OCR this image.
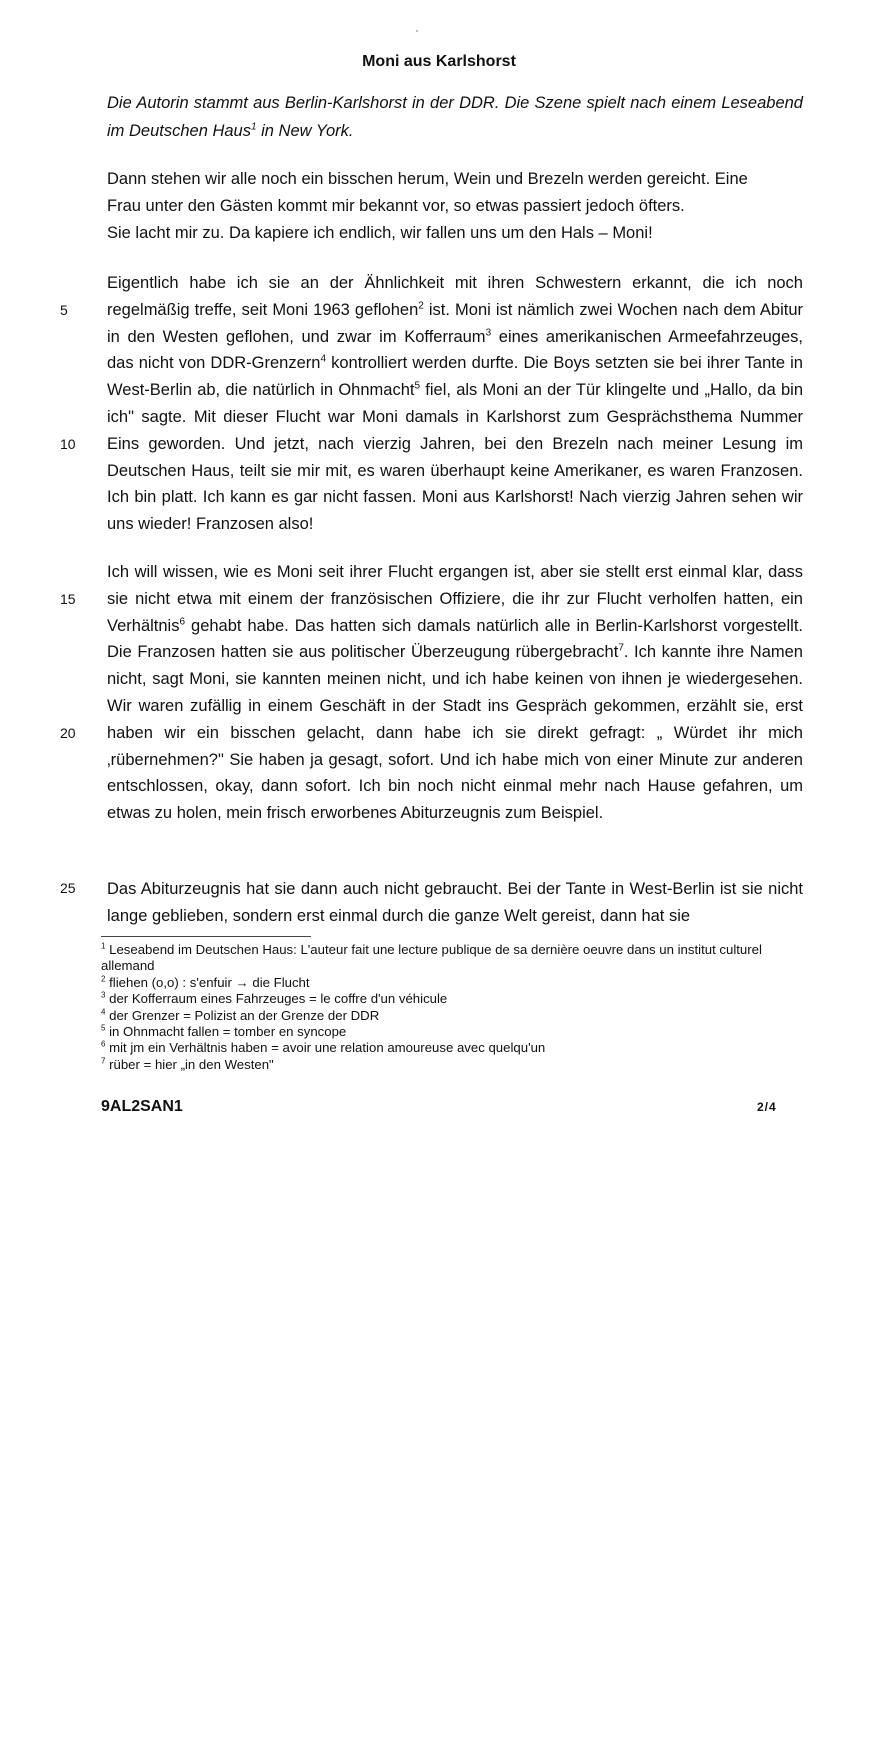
Moni aus Karlshorst
Die Autorin stammt aus Berlin-Karlshorst in der DDR. Die Szene spielt nach einem Leseabend im Deutschen Haus$^1$ in New York.

Dann stehen wir alle noch ein bisschen herum, Wein und Brezeln werden gereicht. Eine

Frau unter den Gästen kommt mir bekannt vor, so etwas passiert jedoch öfters.

Sie lacht mir zu. Da kapiere ich endlich, wir fallen uns um den Hals – Moni!

Eigentlich habe ich sie an der Ähnlichkeit mit ihren Schwestern erkannt, die ich noch regelmäßig treffe, seit Moni 1963 geflohen$^2$ ist. Moni ist nämlich zwei Wochen nach dem Abitur in den Westen geflohen, und zwar im Kofferraum$^3$ eines amerikanischen Armeefahrzeuges, das nicht von DDR-Grenzern$^4$ kontrolliert werden durfte. Die Boys setzten sie bei ihrer Tante in West-Berlin ab, die natürlich in Ohnmacht$^5$ fiel, als Moni an der Tür klingelte und „Hallo, da bin ich" sagte. Mit dieser Flucht war Moni damals in Karlshorst zum Gesprächsthema Nummer Eins geworden. Und jetzt, nach vierzig Jahren, bei den Brezeln nach meiner Lesung im Deutschen Haus, teilt sie mir mit, es waren überhaupt keine Amerikaner, es waren Franzosen. Ich bin platt. Ich kann es gar nicht fassen. Moni aus Karlshorst! Nach vierzig Jahren sehen wir uns wieder! Franzosen also!
Ich will wissen, wie es Moni seit ihrer Flucht ergangen ist, aber sie stellt erst einmal klar, dass sie nicht etwa mit einem der französischen Offiziere, die ihr zur Flucht verholfen hatten, ein Verhältnis$^6$ gehabt habe. Das hatten sich damals natürlich alle in Berlin-Karlshorst vorgestellt. Die Franzosen hatten sie aus politischer Überzeugung rübergebracht$^7$. Ich kannte ihre Namen nicht, sagt Moni, sie kannten meinen nicht, und ich habe keinen von ihnen je wiedergesehen. Wir waren zufällig in einem Geschäft in der Stadt ins Gespräch gekommen, erzählt sie, erst haben wir ein bisschen gelacht, dann habe ich sie direkt gefragt: „ Würdet ihr mich ‚rübernehmen?" Sie haben ja gesagt, sofort. Und ich habe mich von einer Minute zur anderen entschlossen, okay, dann sofort. Ich bin noch nicht einmal mehr nach Hause gefahren, um etwas zu holen, mein frisch erworbenes Abiturzeugnis zum Beispiel.
Das Abiturzeugnis hat sie dann auch nicht gebraucht. Bei der Tante in West-Berlin ist sie nicht lange geblieben, sondern erst einmal durch die ganze Welt gereist, dann hat sie
5
10
15
20
25

$^1$ Leseabend im Deutschen Haus: L'auteur fait une lecture publique de sa dernière oeuvre dans un institut culturel allemand

$^2$ fliehen (o,o) : s'enfuir → die Flucht

$^3$ der Kofferraum eines Fahrzeuges = le coffre d'un véhicule

$^4$ der Grenzer = Polizist an der Grenze der DDR

$^5$ in Ohnmacht fallen = tomber en syncope

$^6$ mit jm ein Verhältnis haben = avoir une relation amoureuse avec quelqu'un

$^7$ rüber = hier „in den Westen"

9AL2SAN1	2/4
